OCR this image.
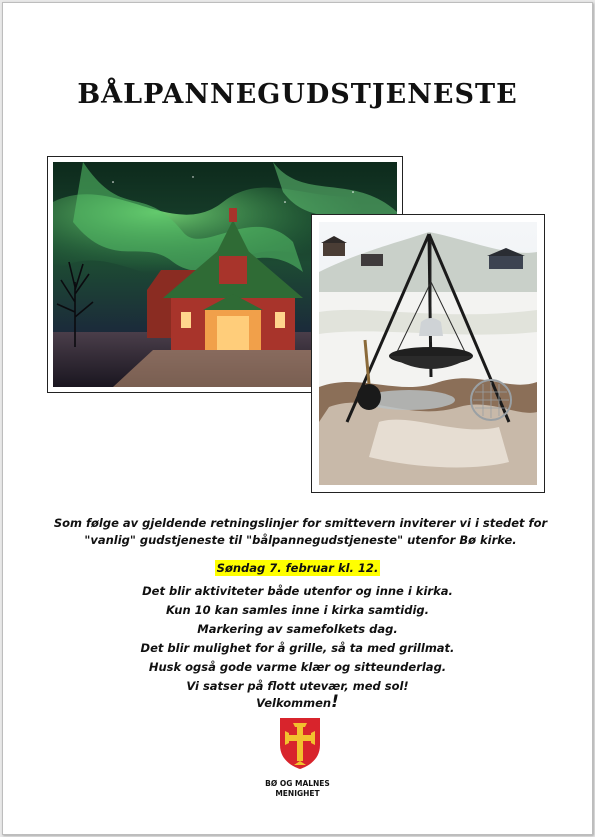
BÅLPANNEGUDSTJENESTE
Som følge av gjeldende retningslinjer for smittevern inviterer vi i stedet for
"vanlig" gudstjeneste til "bålpannegudstjeneste" utenfor Bø kirke.
Søndag 7. februar kl. 12.
Det blir aktiviteter både utenfor og inne i kirka.
Kun 10 kan samles inne i kirka samtidig.
Markering av samefolkets dag.
Det blir mulighet for å grille, så ta med grillmat.
Husk også gode varme klær og sitteunderlag.
Vi satser på flott utevær, med sol!
Velkommen!
BØ OG MALNES
MENIGHET
